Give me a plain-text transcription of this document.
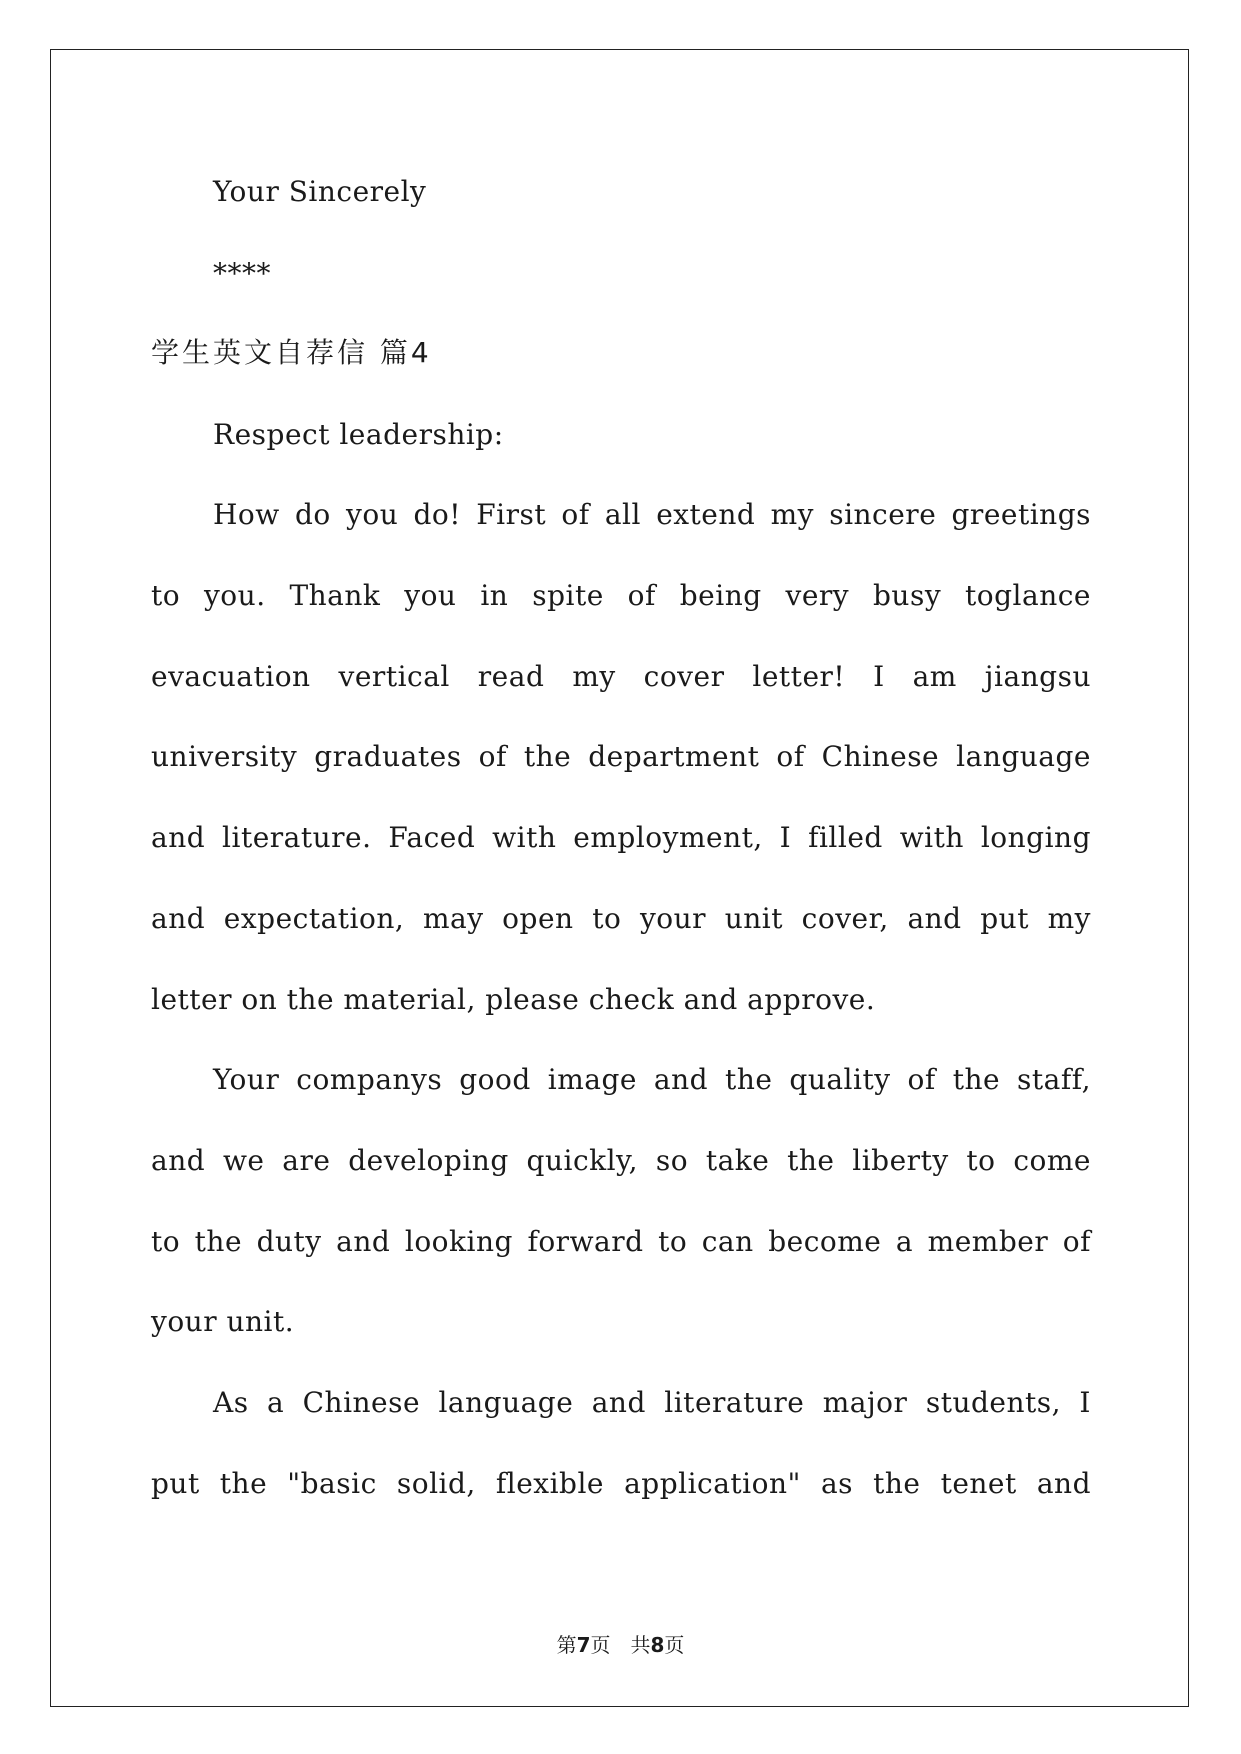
Your Sincerely
****
学生英文自荐信 篇4
Respect leadership:
How do you do! First of all extend my sincere greetings
to you. Thank you in spite of being very busy toglance
evacuation vertical read my cover letter! I am jiangsu
university graduates of the department of Chinese language
and literature. Faced with employment, I filled with longing
and expectation, may open to your unit cover, and put my
letter on the material, please check and approve.
Your companys good image and the quality of the staff,
and we are developing quickly, so take the liberty to come
to the duty and looking forward to can become a member of
your unit.
As a Chinese language and literature major students, I
put the "basic solid, flexible application" as the tenet and
第7页　共8页
